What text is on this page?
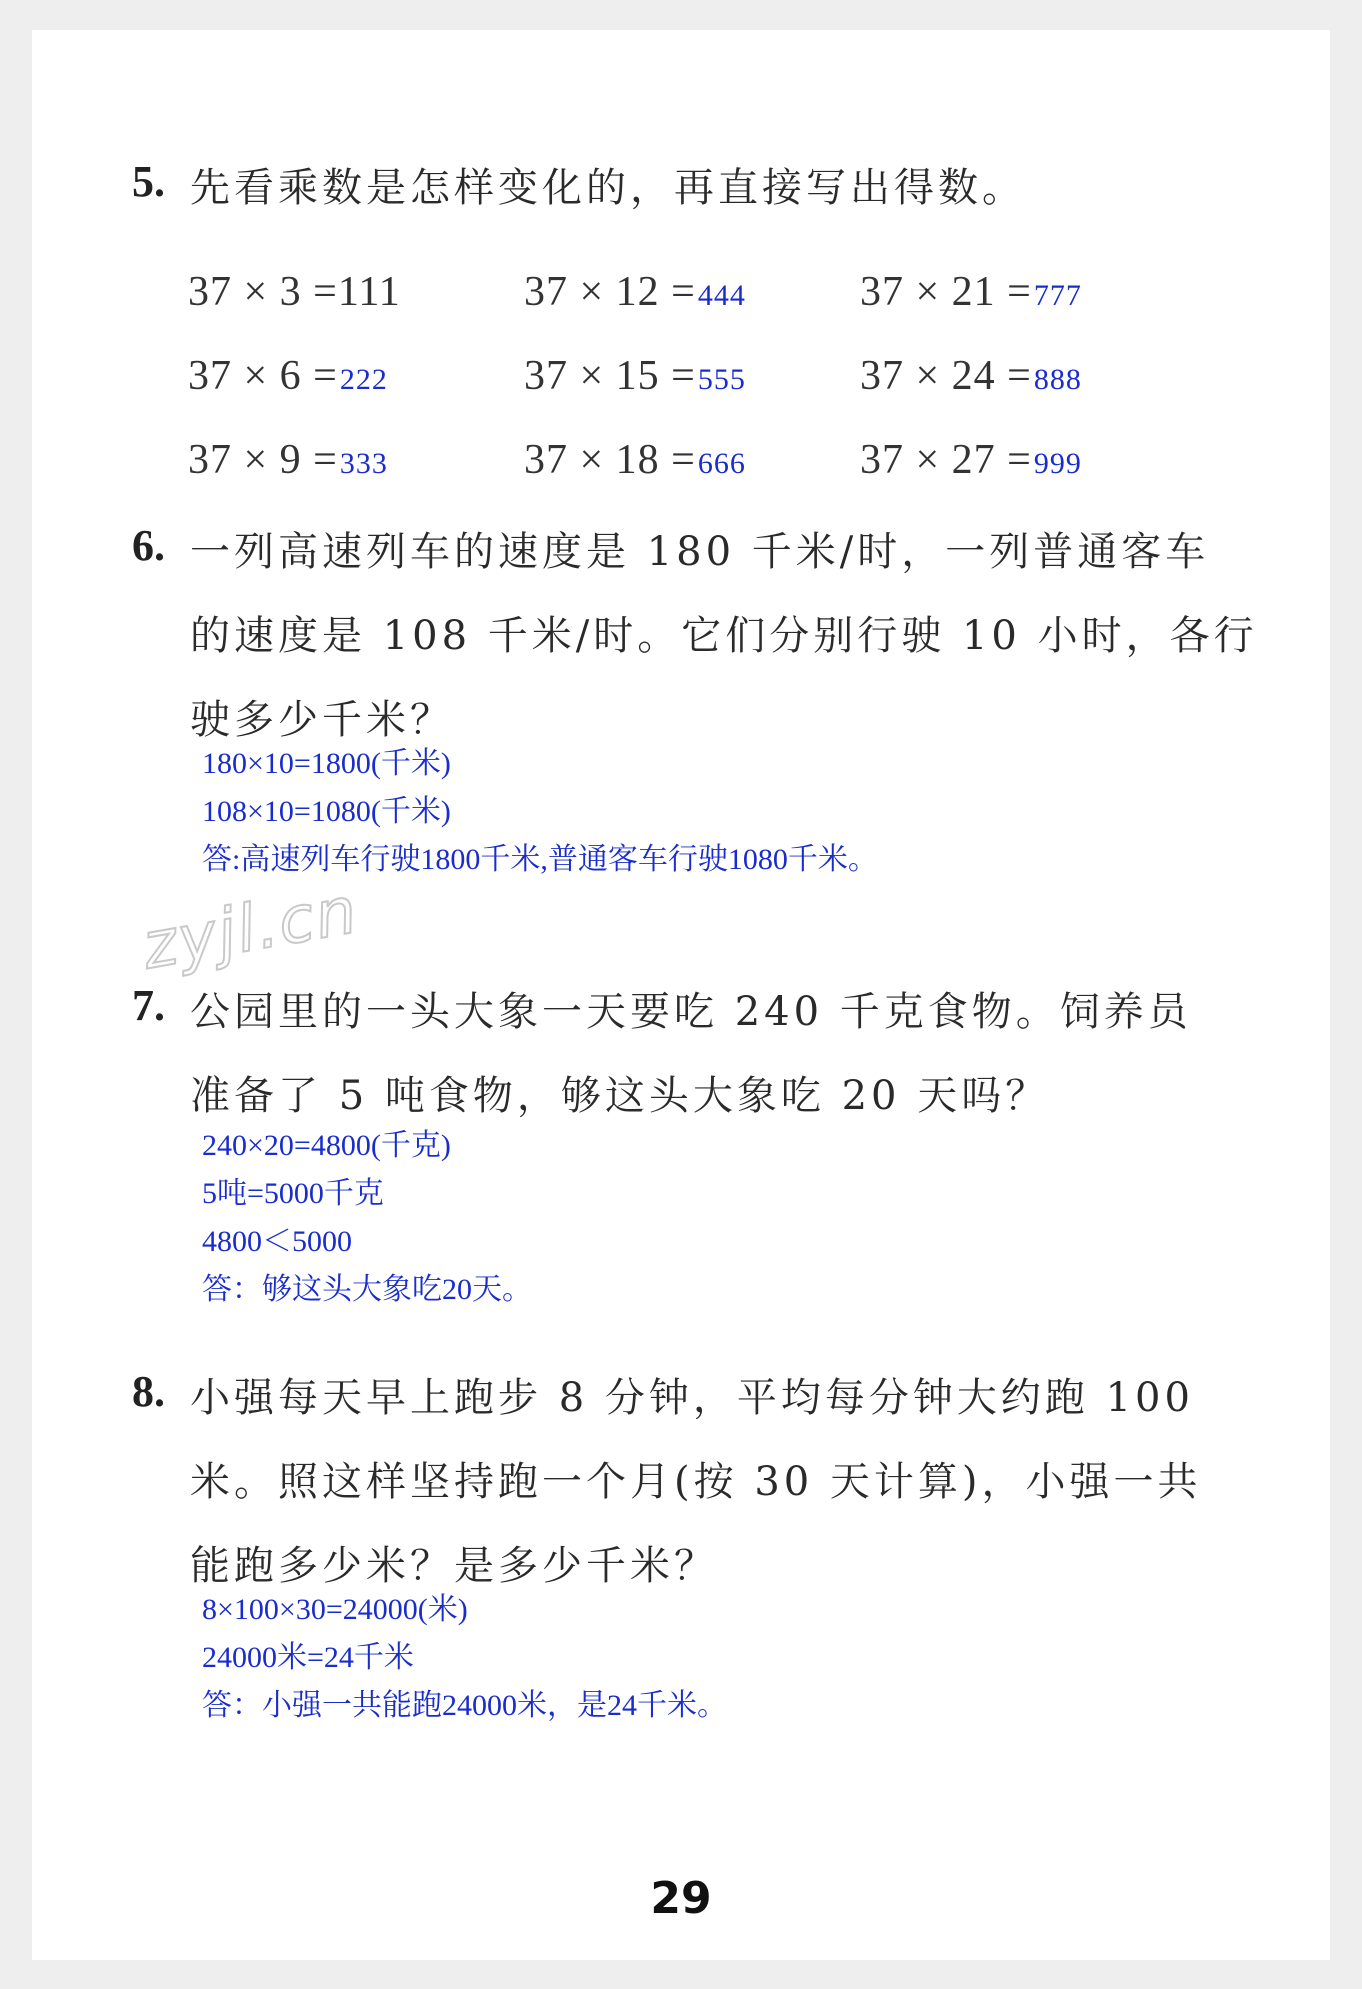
5. 先看乘数是怎样变化的，再直接写出得数。
37 × 3 =111	37 × 12 =444	37 × 21 =777
37 × 6 =222	37 × 15 =555	37 × 24 =888
37 × 9 =333	37 × 18 =666	37 × 27 =999
6. 一列高速列车的速度是 180 千米/时，一列普通客车
的速度是 108 千米/时。它们分别行驶 10 小时，各行
驶多少千米？
180×10=1800(千米)
108×10=1080(千米)
答:高速列车行驶1800千米,普通客车行驶1080千米。
zyjl.cn
7. 公园里的一头大象一天要吃 240 千克食物。饲养员
准备了 5 吨食物，够这头大象吃 20 天吗？
240×20=4800(千克)
5吨=5000千克
4800＜5000
答：够这头大象吃20天。
8. 小强每天早上跑步 8 分钟，平均每分钟大约跑 100
米。照这样坚持跑一个月(按 30 天计算)，小强一共
能跑多少米？是多少千米？
8×100×30=24000(米)
24000米=24千米
答：小强一共能跑24000米，是24千米。
29
